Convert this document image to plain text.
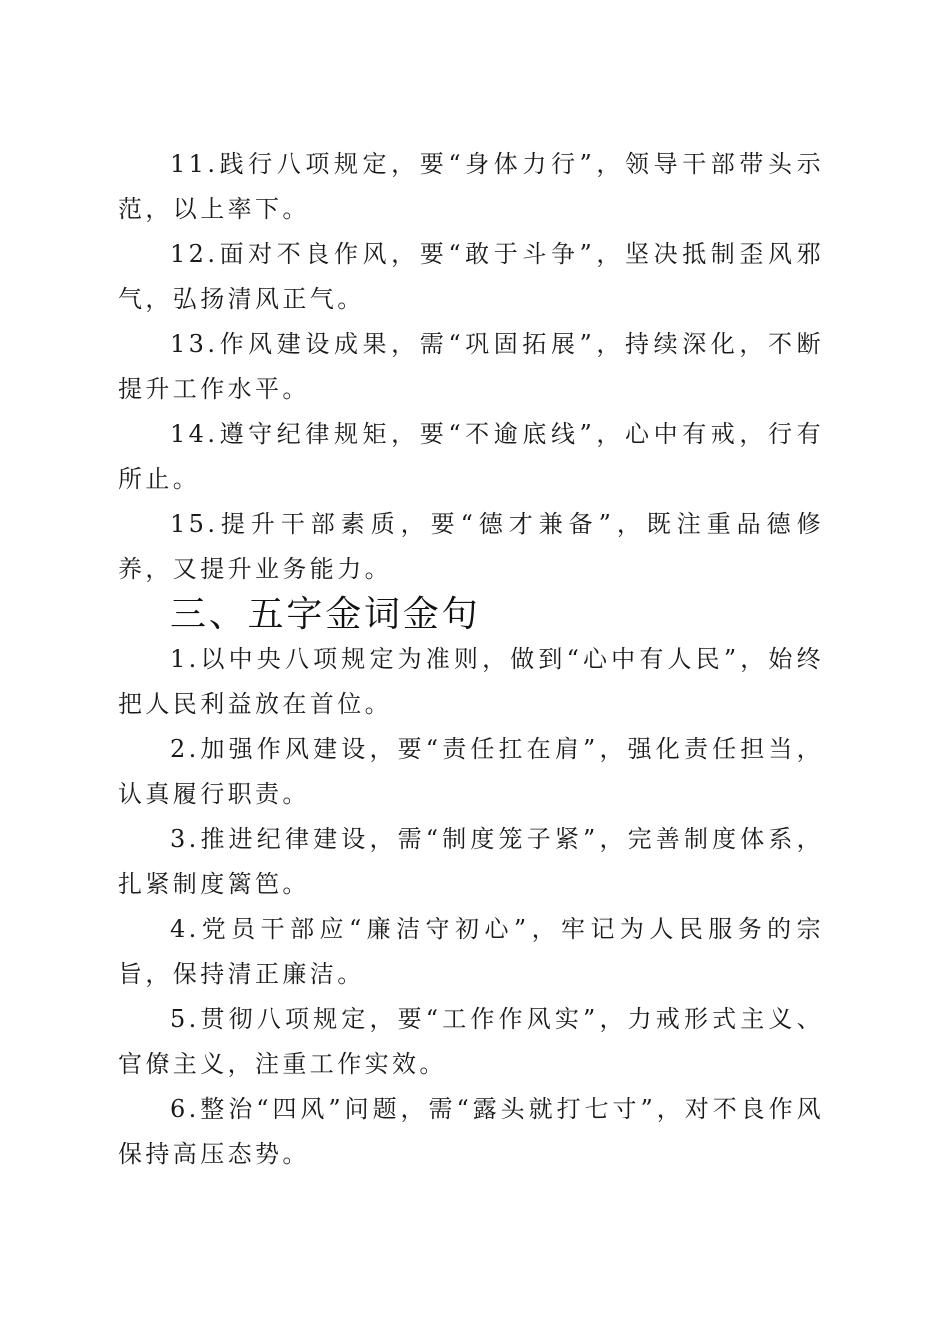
11.践行八项规定，要“身体力行”，领导干部带头示范，以上率下。

12.面对不良作风，要“敢于斗争”，坚决抵制歪风邪气，弘扬清风正气。

13.作风建设成果，需“巩固拓展”，持续深化，不断提升工作水平。

14.遵守纪律规矩，要“不逾底线”，心中有戒，行有所止。

15.提升干部素质，要“德才兼备”，既注重品德修养，又提升业务能力。

三、五字金词金句

1.以中央八项规定为准则，做到“心中有人民”，始终把人民利益放在首位。

2.加强作风建设，要“责任扛在肩”，强化责任担当，认真履行职责。

3.推进纪律建设，需“制度笼子紧”，完善制度体系，扎紧制度篱笆。

4.党员干部应“廉洁守初心”，牢记为人民服务的宗旨，保持清正廉洁。

5.贯彻八项规定，要“工作作风实”，力戒形式主义、官僚主义，注重工作实效。

6.整治“四风”问题，需“露头就打七寸”，对不良作风保持高压态势。
